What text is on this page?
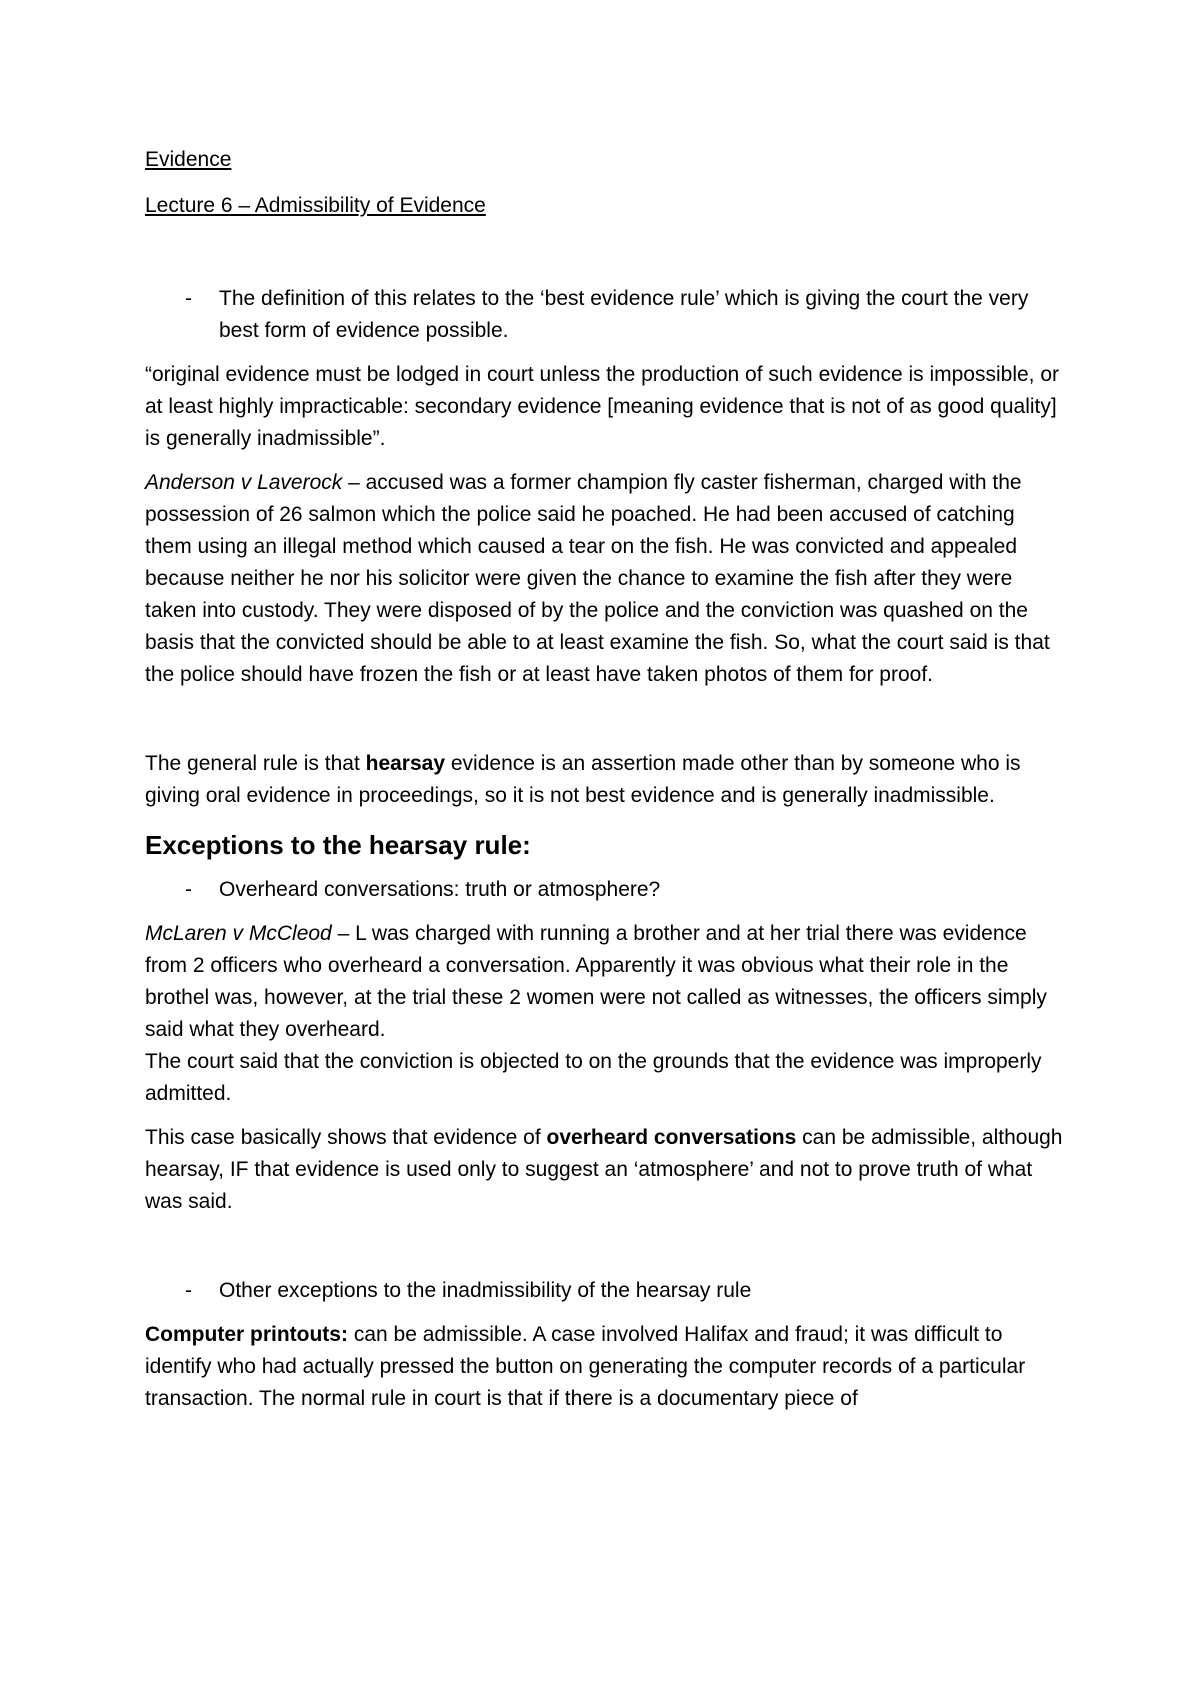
Evidence

Lecture 6 – Admissibility of Evidence

- The definition of this relates to the ‘best evidence rule’ which is giving the court the very best form of evidence possible.

“original evidence must be lodged in court unless the production of such evidence is impossible, or at least highly impracticable: secondary evidence [meaning evidence that is not of as good quality] is generally inadmissible”.

Anderson v Laverock – accused was a former champion fly caster fisherman, charged with the possession of 26 salmon which the police said he poached. He had been accused of catching them using an illegal method which caused a tear on the fish. He was convicted and appealed because neither he nor his solicitor were given the chance to examine the fish after they were taken into custody. They were disposed of by the police and the conviction was quashed on the basis that the convicted should be able to at least examine the fish. So, what the court said is that the police should have frozen the fish or at least have taken photos of them for proof.

The general rule is that hearsay evidence is an assertion made other than by someone who is giving oral evidence in proceedings, so it is not best evidence and is generally inadmissible.

Exceptions to the hearsay rule:

- Overheard conversations: truth or atmosphere?

McLaren v McCleod – L was charged with running a brother and at her trial there was evidence from 2 officers who overheard a conversation. Apparently it was obvious what their role in the brothel was, however, at the trial these 2 women were not called as witnesses, the officers simply said what they overheard.
The court said that the conviction is objected to on the grounds that the evidence was improperly admitted.

This case basically shows that evidence of overheard conversations can be admissible, although hearsay, IF that evidence is used only to suggest an ‘atmosphere’ and not to prove truth of what was said.

- Other exceptions to the inadmissibility of the hearsay rule

Computer printouts: can be admissible. A case involved Halifax and fraud; it was difficult to identify who had actually pressed the button on generating the computer records of a particular transaction. The normal rule in court is that if there is a documentary piece of
